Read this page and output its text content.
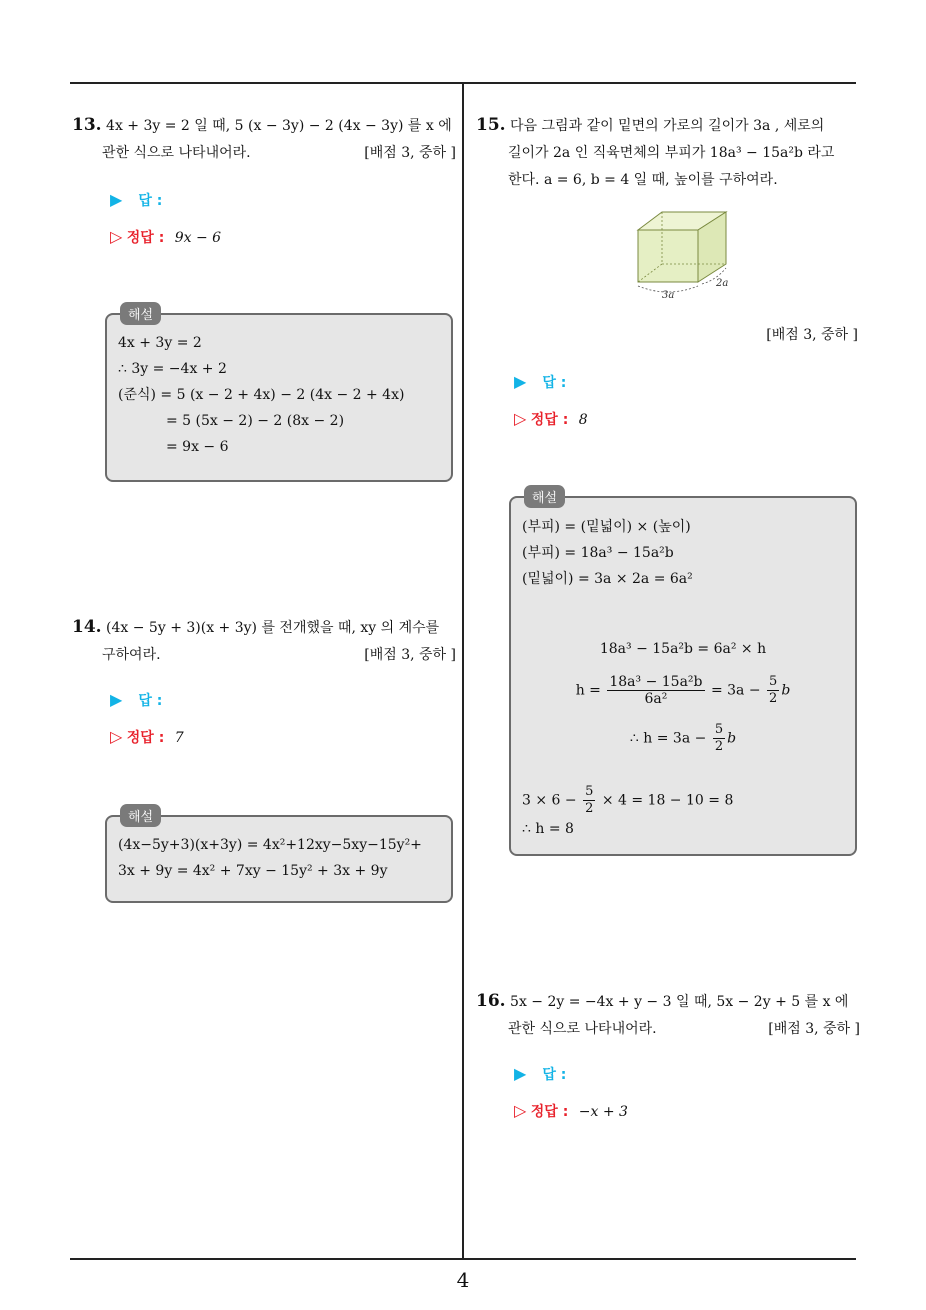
13. 4x + 3y = 2 일 때, 5 (x − 3y) − 2 (4x − 3y) 를 x 에
관한 식으로 나타내어라.	[배점 3, 중하 ]
▶ 답 :
▷ 정답 : 9x − 6
해설
4x + 3y = 2
∴ 3y = −4x + 2
(준식) = 5 (x − 2 + 4x) − 2 (4x − 2 + 4x)
= 5 (5x − 2) − 2 (8x − 2)
= 9x − 6
14. (4x − 5y + 3)(x + 3y) 를 전개했을 때, xy 의 계수를
구하여라.	[배점 3, 중하 ]
▶ 답 :
▷ 정답 : 7
해설
(4x−5y+3)(x+3y) = 4x²+12xy−5xy−15y²+
3x + 9y = 4x² + 7xy − 15y² + 3x + 9y
15. 다음 그림과 같이 밑면의 가로의 길이가 3a , 세로의
길이가 2a 인 직육면체의 부피가 18a³ − 15a²b 라고
한다. a = 6, b = 4 일 때, 높이를 구하여라.
3a
2a
[배점 3, 중하 ]
▶ 답 :
▷ 정답 : 8
해설
(부피) = (밑넓이) × (높이)
(부피) = 18a³ − 15a²b
(밑넓이) = 3a × 2a = 6a²
18a³ − 15a²b = 6a² × h
$h = \frac{\text{18a³ − 15a²b}}{\text{6a²}} = 3a - \frac{5}{2}$ b
∴ $h = 3a - \frac{5}{2}$ b
$3 \times 6 - \frac{5}{2} \times 4 = 18 - 10 = 8$
∴ h = 8
16. 5x − 2y = −4x + y − 3 일 때, 5x − 2y + 5 를 x 에
관한 식으로 나타내어라.	[배점 3, 중하 ]
▶ 답 :
▷ 정답 : −x + 3
4
